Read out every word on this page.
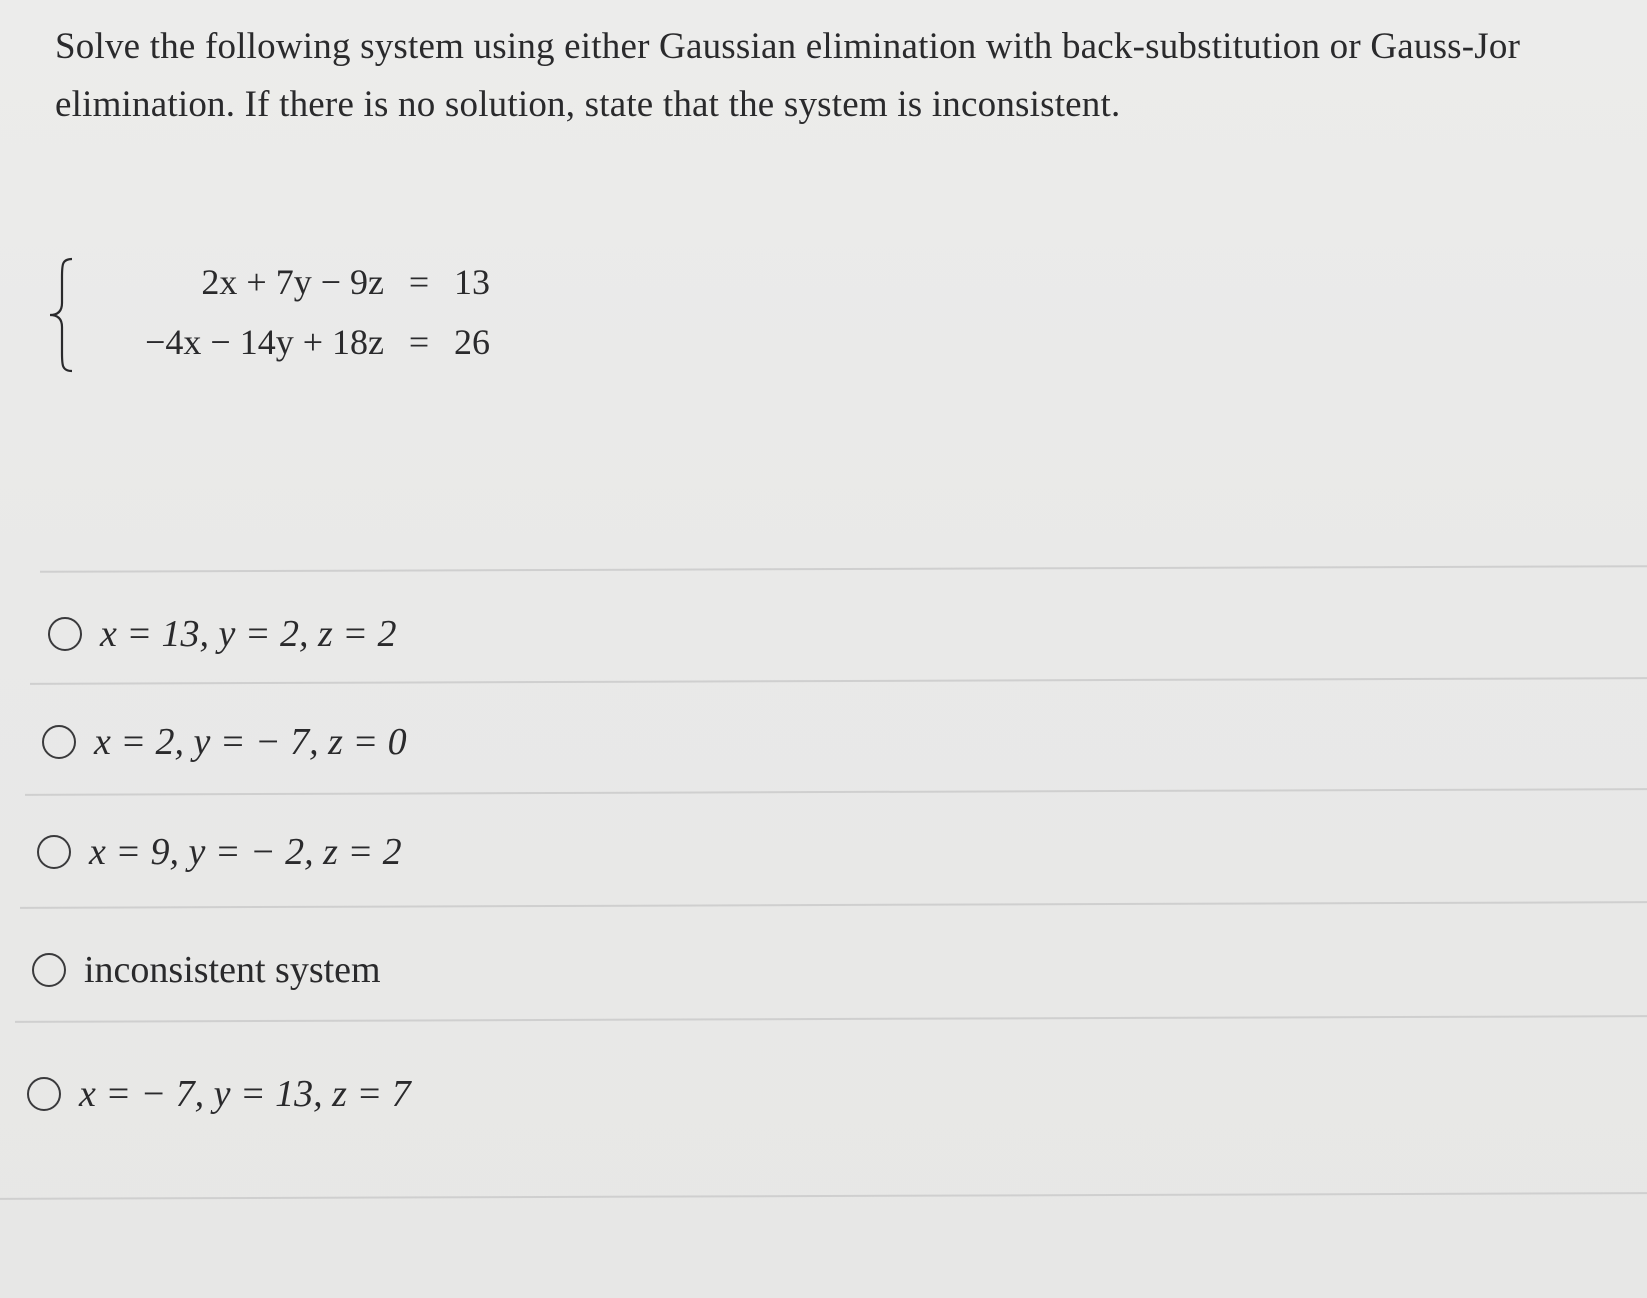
Solve the following system using either Gaussian elimination with back-substitution or Gauss-Jor
elimination. If there is no solution, state that the system is inconsistent.
2x + 7y − 9z = 13
−4x − 14y + 18z = 26
x = 13, y = 2, z = 2
x = 2, y = − 7, z = 0
x = 9, y = − 2, z = 2
inconsistent system
x = − 7, y = 13, z = 7
